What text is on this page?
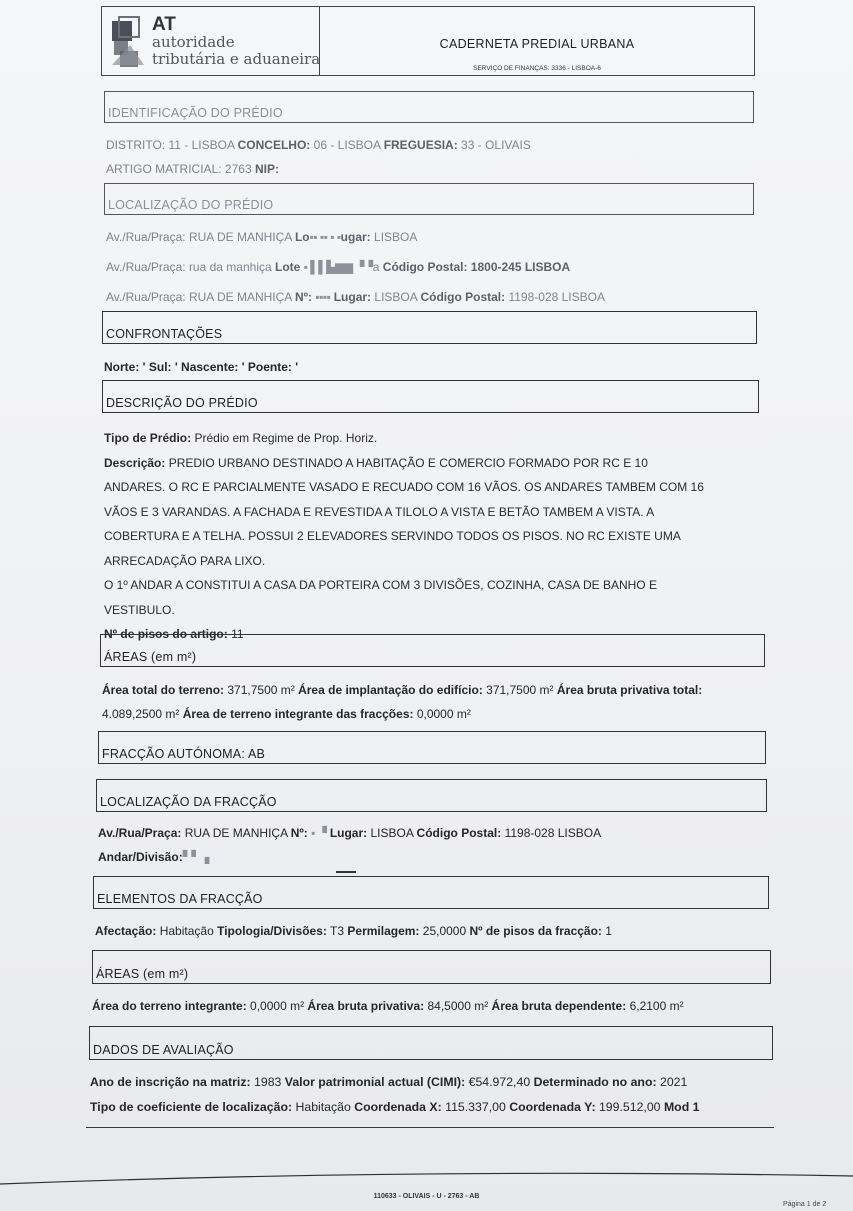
AT
autoridade
tributária e aduaneira
CADERNETA PREDIAL URBANA
SERVIÇO DE FINANÇAS: 3336 - LISBOA-6
IDENTIFICAÇÃO DO PRÉDIO
DISTRITO: 11 - LISBOA CONCELHO: 06 - LISBOA FREGUESIA: 33 - OLIVAIS
ARTIGO MATRICIAL: 2763 NIP:
LOCALIZAÇÃO DO PRÉDIO
Av./Rua/Praça: RUA DE MANHIÇA Lo▪▪ ▪▪ ▪ ▪ugar: LISBOA
Av./Rua/Praça: rua da manhiça Lote ▪ ▌▌▙▆▆ ▝▝a Código Postal: 1800-245 LISBOA
Av./Rua/Praça: RUA DE MANHIÇA Nº: ▪▪▪▪ Lugar: LISBOA Código Postal: 1198-028 LISBOA
CONFRONTAÇÕES
Norte: ' Sul: ' Nascente: ' Poente: '
DESCRIÇÃO DO PRÉDIO
Tipo de Prédio: Prédio em Regime de Prop. Horiz.
Descrição: PREDIO URBANO DESTINADO A HABITAÇÃO E COMERCIO FORMADO POR RC E 10
ANDARES. O RC E PARCIALMENTE VASADO E RECUADO COM 16 VÃOS. OS ANDARES TAMBEM COM 16
VÃOS E 3 VARANDAS. A FACHADA E REVESTIDA A TILOLO A VISTA E BETÃO TAMBEM A VISTA. A
COBERTURA E A TELHA. POSSUI 2 ELEVADORES SERVINDO TODOS OS PISOS. NO RC EXISTE UMA
ARRECADAÇÃO PARA LIXO.
O 1º ANDAR A CONSTITUI A CASA DA PORTEIRA COM 3 DIVISÕES, COZINHA, CASA DE BANHO E
VESTIBULO.
Nº de pisos do artigo: 11
ÁREAS (em m²)
Área total do terreno: 371,7500 m² Área de implantação do edifício: 371,7500 m² Área bruta privativa total:
4.089,2500 m² Área de terreno integrante das fracções: 0,0000 m²
FRACÇÃO AUTÓNOMA: AB
LOCALIZAÇÃO DA FRACÇÃO
Av./Rua/Praça: RUA DE MANHIÇA Nº: ▪ ▝ Lugar: LISBOA Código Postal: 1198-028 LISBOA
Andar/Divisão:▘▘▗
ELEMENTOS DA FRACÇÃO
Afectação: Habitação Tipologia/Divisões: T3 Permilagem: 25,0000 Nº de pisos da fracção: 1
ÁREAS (em m²)
Área do terreno integrante: 0,0000 m² Área bruta privativa: 84,5000 m² Área bruta dependente: 6,2100 m²
DADOS DE AVALIAÇÃO
Ano de inscrição na matriz: 1983 Valor patrimonial actual (CIMI): €54.972,40 Determinado no ano: 2021
Tipo de coeficiente de localização: Habitação Coordenada X: 115.337,00 Coordenada Y: 199.512,00 Mod 1
110633 - OLIVAIS - U - 2763 - AB
Página 1 de 2
